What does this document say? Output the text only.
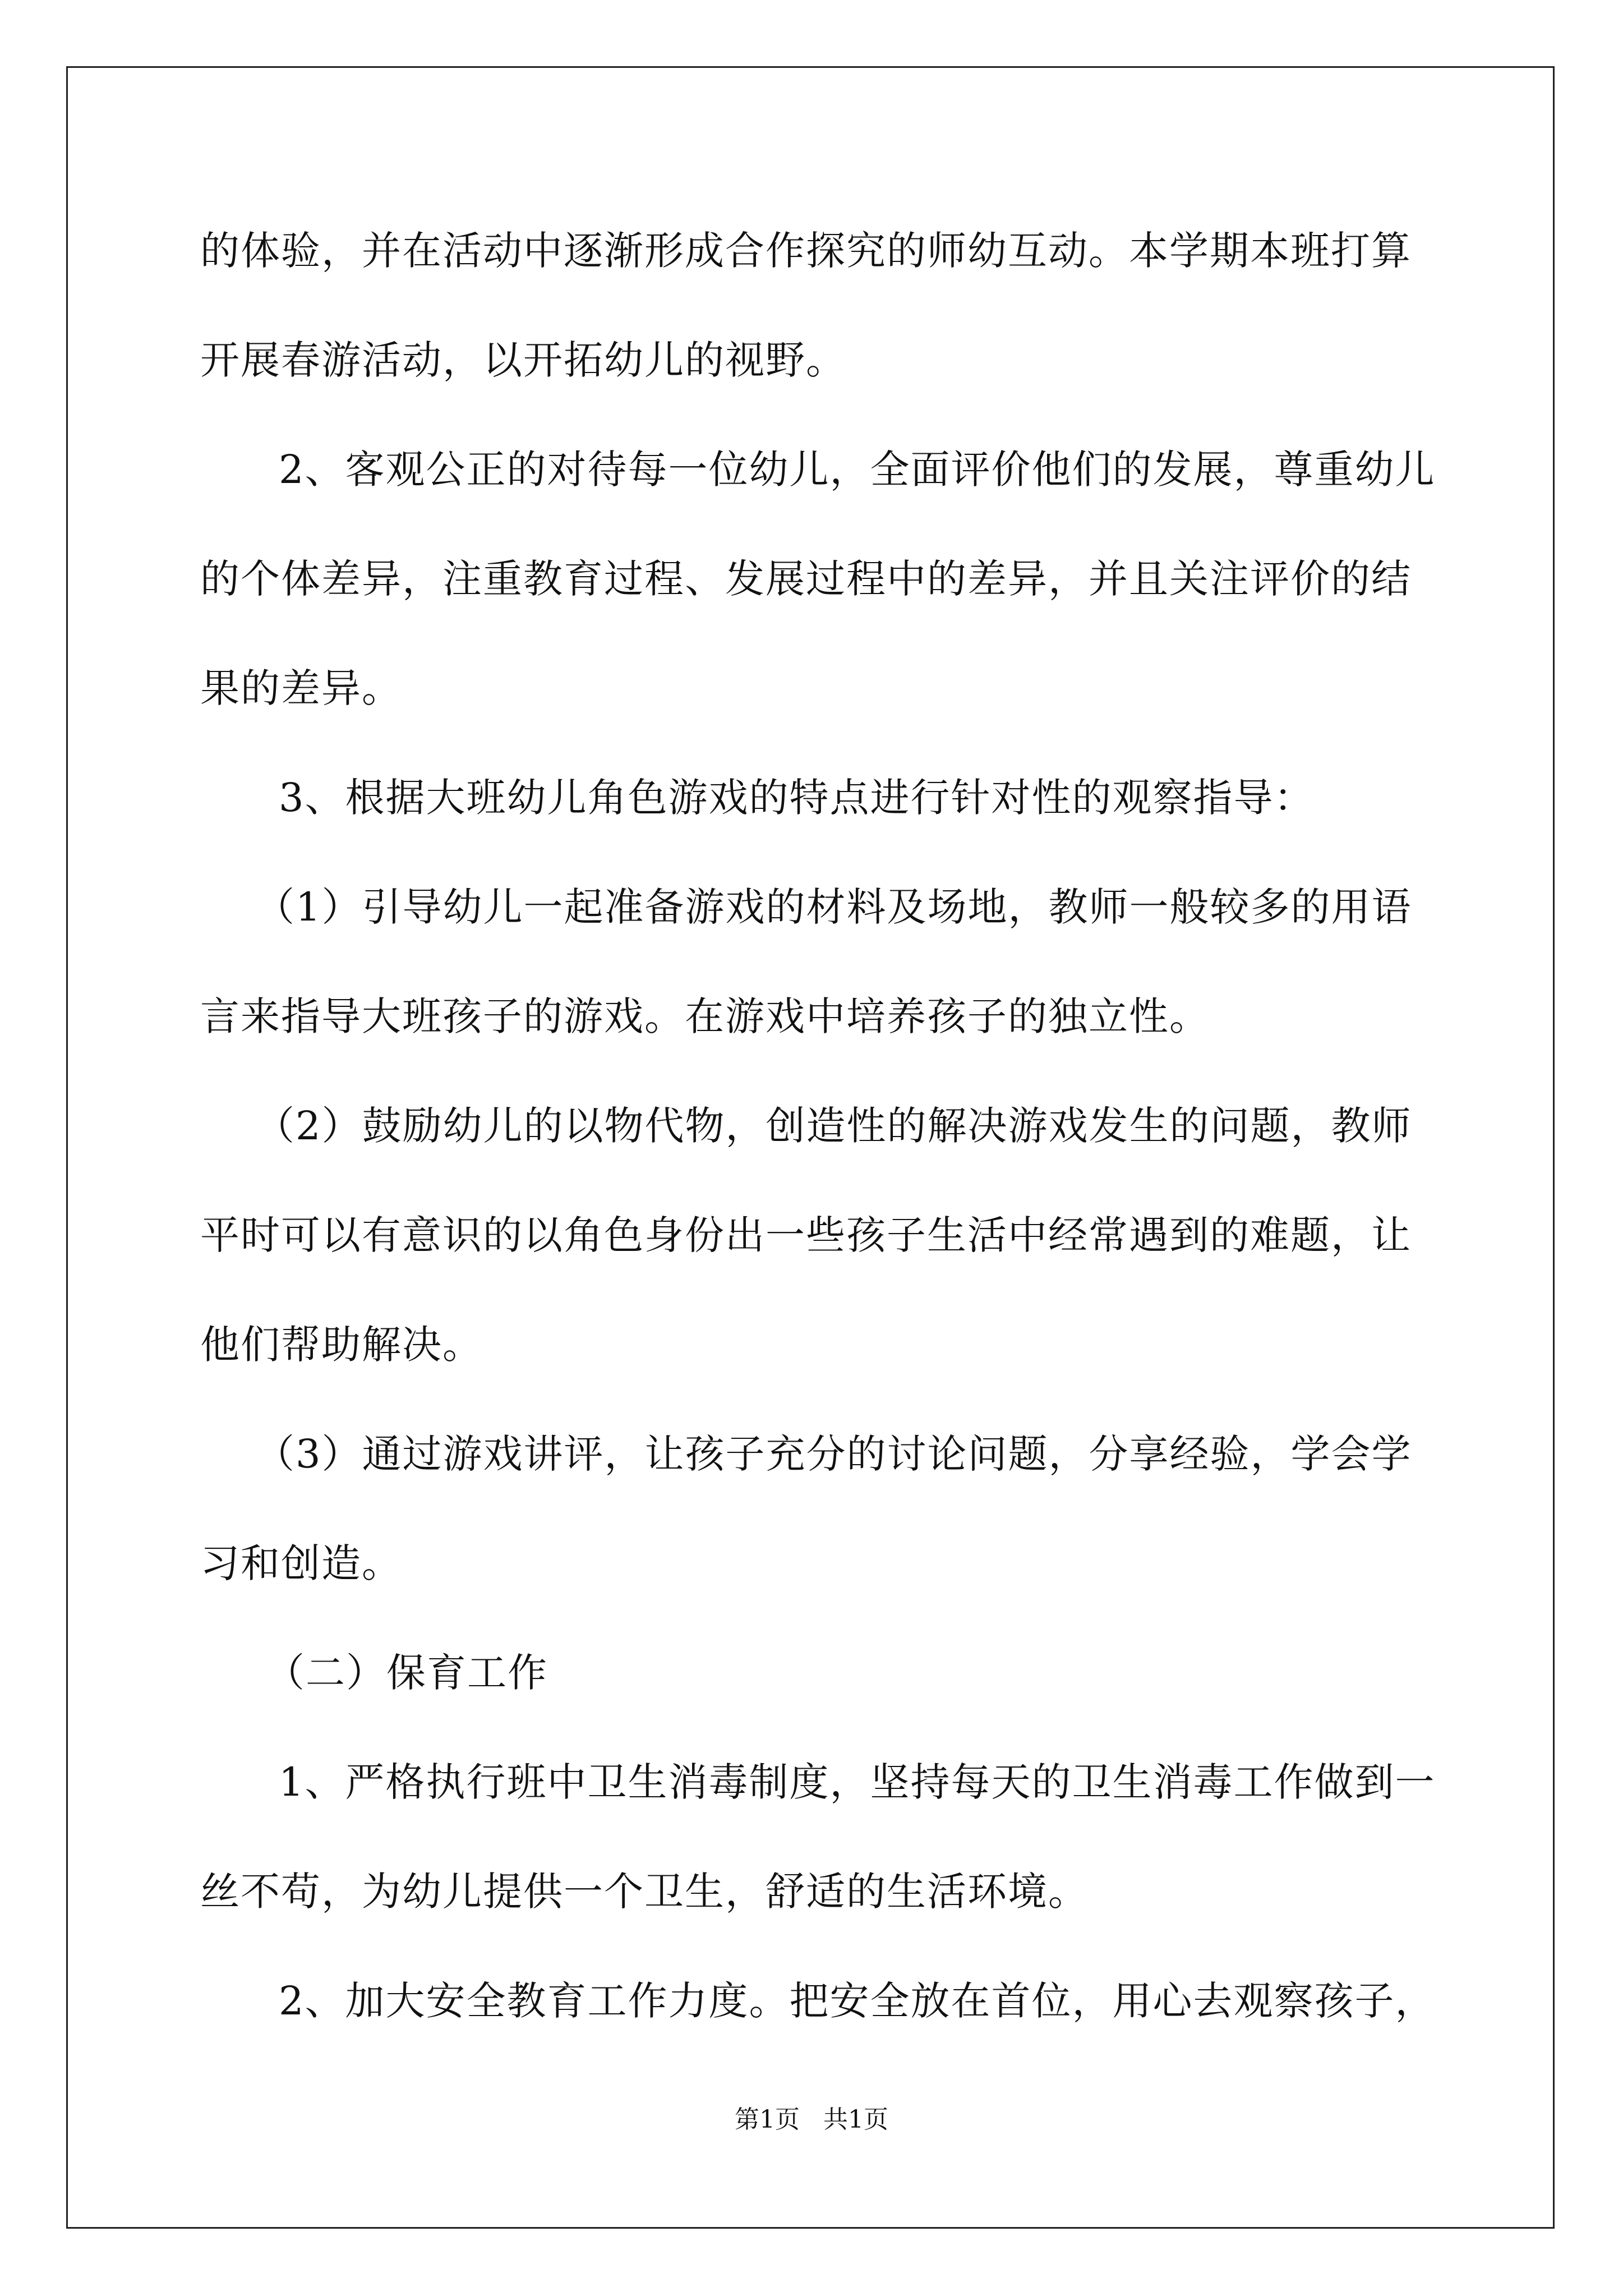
的体验，并在活动中逐渐形成合作探究的师幼互动。本学期本班打算
开展春游活动，以开拓幼儿的视野。
2、客观公正的对待每一位幼儿，全面评价他们的发展，尊重幼儿
的个体差异，注重教育过程、发展过程中的差异，并且关注评价的结
果的差异。
3、根据大班幼儿角色游戏的特点进行针对性的观察指导：
（1）引导幼儿一起准备游戏的材料及场地，教师一般较多的用语
言来指导大班孩子的游戏。在游戏中培养孩子的独立性。
（2）鼓励幼儿的以物代物，创造性的解决游戏发生的问题，教师
平时可以有意识的以角色身份出一些孩子生活中经常遇到的难题，让
他们帮助解决。
（3）通过游戏讲评，让孩子充分的讨论问题，分享经验，学会学
习和创造。
（二）保育工作
1、严格执行班中卫生消毒制度，坚持每天的卫生消毒工作做到一
丝不苟，为幼儿提供一个卫生，舒适的生活环境。
2、加大安全教育工作力度。把安全放在首位，用心去观察孩子，
第1页   共1页
